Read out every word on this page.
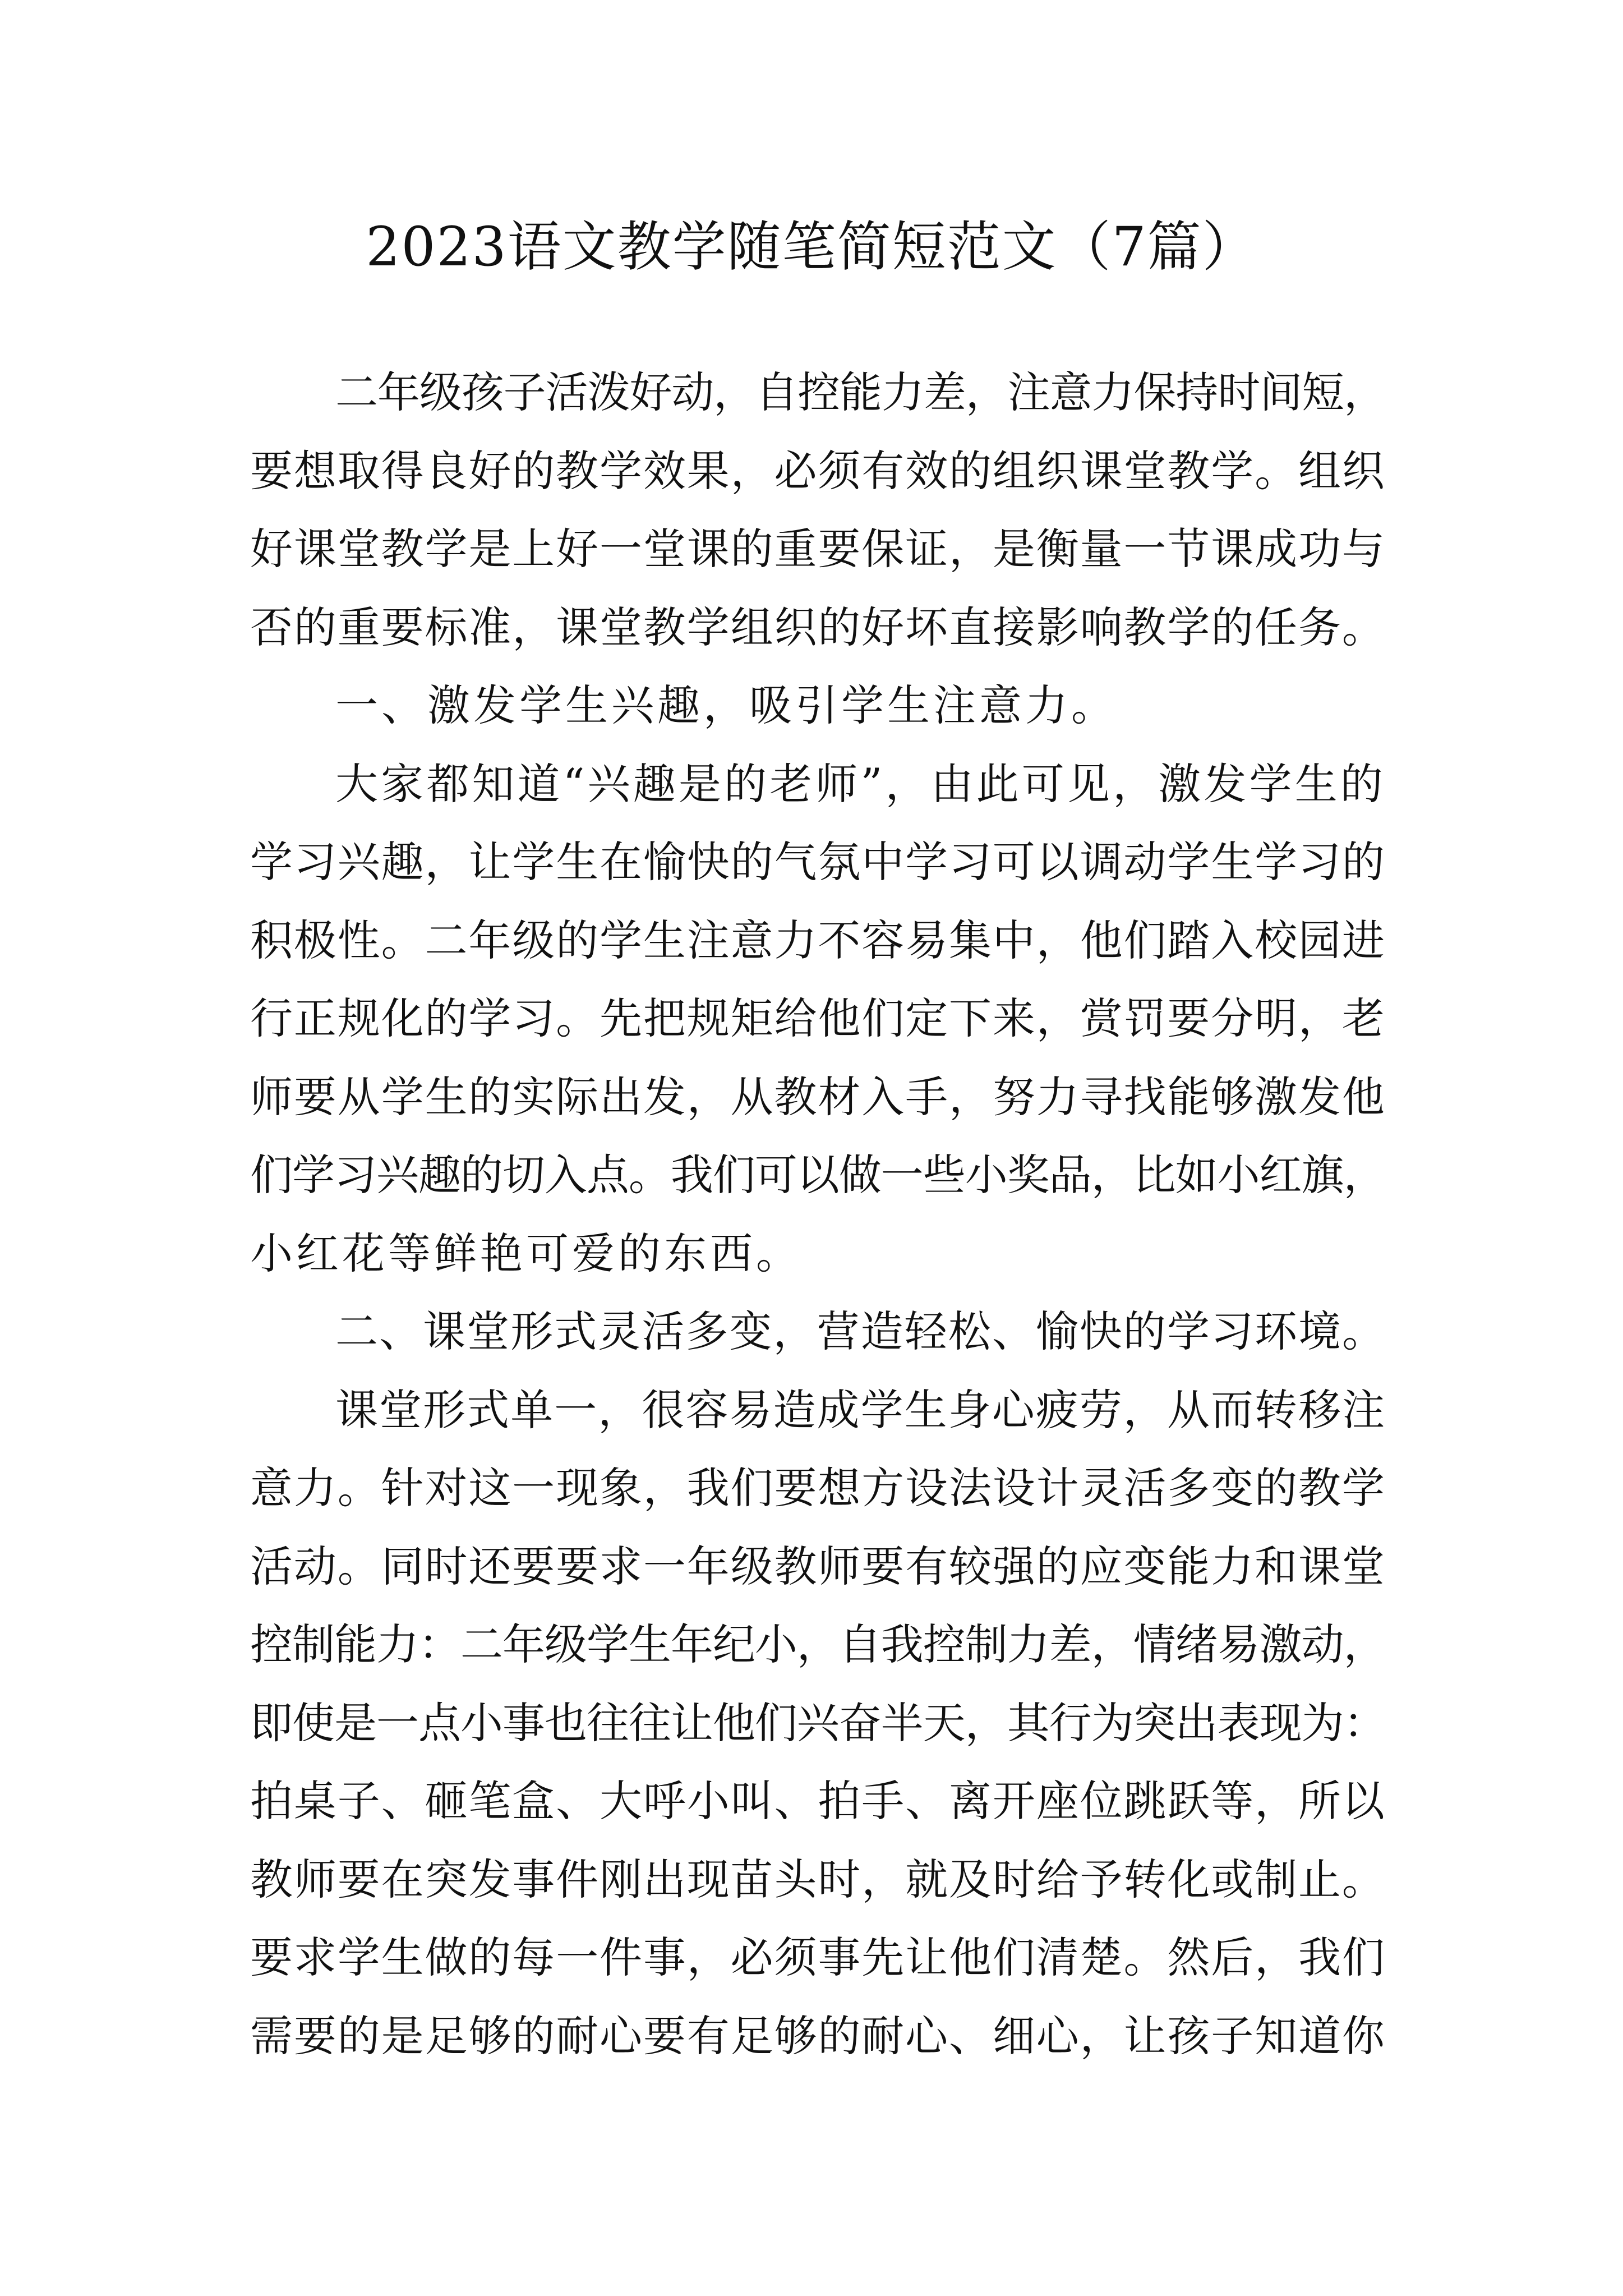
2023语文教学随笔简短范文（7篇）
二年级孩子活泼好动，自控能力差，注意力保持时间短，
要想取得良好的教学效果，必须有效的组织课堂教学。组织
好课堂教学是上好一堂课的重要保证，是衡量一节课成功与
否的重要标准，课堂教学组织的好坏直接影响教学的任务。
一、激发学生兴趣，吸引学生注意力。
大家都知道“兴趣是的老师”，由此可见，激发学生的
学习兴趣，让学生在愉快的气氛中学习可以调动学生学习的
积极性。二年级的学生注意力不容易集中，他们踏入校园进
行正规化的学习。先把规矩给他们定下来，赏罚要分明，老
师要从学生的实际出发，从教材入手，努力寻找能够激发他
们学习兴趣的切入点。我们可以做一些小奖品，比如小红旗，
小红花等鲜艳可爱的东西。
二、课堂形式灵活多变，营造轻松、愉快的学习环境。
课堂形式单一，很容易造成学生身心疲劳，从而转移注
意力。针对这一现象，我们要想方设法设计灵活多变的教学
活动。同时还要要求一年级教师要有较强的应变能力和课堂
控制能力：二年级学生年纪小，自我控制力差，情绪易激动，
即使是一点小事也往往让他们兴奋半天，其行为突出表现为：
拍桌子、砸笔盒、大呼小叫、拍手、离开座位跳跃等，所以
教师要在突发事件刚出现苗头时，就及时给予转化或制止。
要求学生做的每一件事，必须事先让他们清楚。然后，我们
需要的是足够的耐心要有足够的耐心、细心，让孩子知道你
